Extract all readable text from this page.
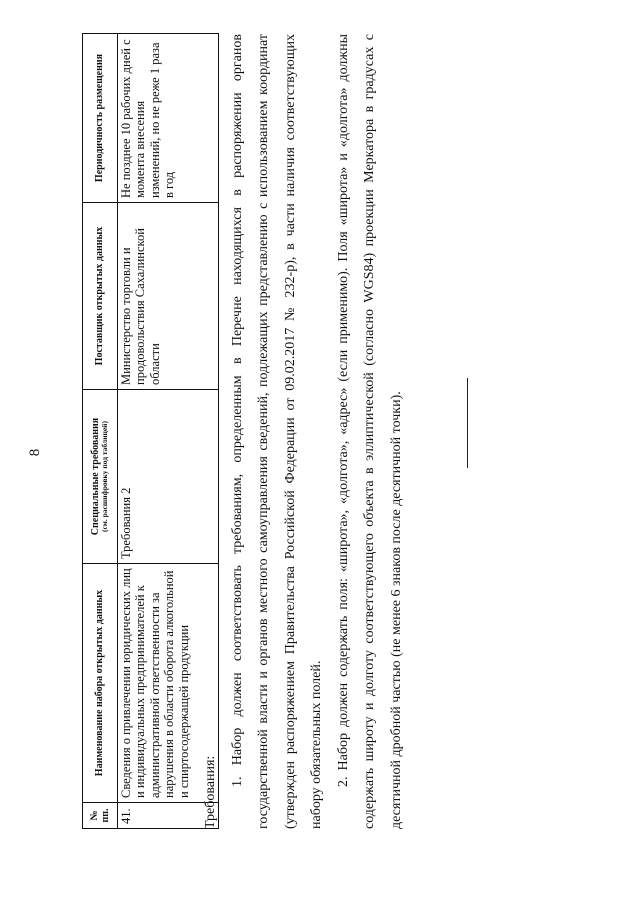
8
№ пп.	Наименование набора открытых данных	Специальные требования (см. расшифровку под таблицей)	Поставщик открытых данных	Периодичность размещения
41.	Сведения о привлечении юридических лиц и индивидуальных предпринимателей к административной ответственности за нарушения в области оборота алкогольной и спиртосодержащей продукции	Требования 2	Министерство торговли и продовольствия Сахалинской области	Не позднее 10 рабочих дней с момента внесения изменений, но не реже 1 раза в год

Требования:

1. Набор должен соответствовать требованиям, определенным в Перечне находящихся в распоряжении органов государственной власти и органов местного самоуправления сведений, подлежащих представлению с использованием координат (утвержден распоряжением Правительства Российской Федерации от 09.02.2017 № 232-р), в части наличия соответствующих набору обязательных полей. 2. Набор должен содержать поля: «широта», «долгота», «адрес» (если применимо). Поля «широта» и «долгота» должны содержать широту и долготу соответствующего объекта в эллиптической (согласно WGS84) проекции Меркатора в градусах с десятичной дробной частью (не менее 6 знаков после десятичной точки).
